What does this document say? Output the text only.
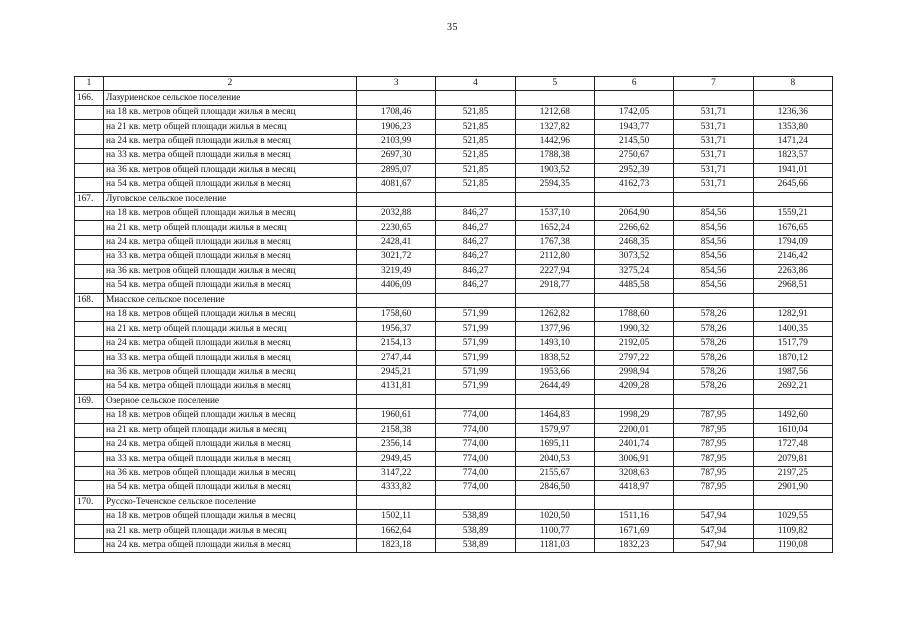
35
1	2	3	4	5	6	7	8
166.	Лазуриенское сельское поселение						
	на 18 кв. метров общей площади жилья в месяц	1708,46	521,85	1212,68	1742,05	531,71	1236,36
	на 21 кв. метр общей площади жилья в месяц	1906,23	521,85	1327,82	1943,77	531,71	1353,80
	на 24 кв. метра общей площади жилья в месяц	2103,99	521,85	1442,96	2145,50	531,71	1471,24
	на 33 кв. метра общей площади жилья в месяц	2697,30	521,85	1788,38	2750,67	531,71	1823,57
	на 36 кв. метров общей площади жилья в месяц	2895,07	521,85	1903,52	2952,39	531,71	1941,01
	на 54 кв. метра общей площади жилья в месяц	4081,67	521,85	2594,35	4162,73	531,71	2645,66
167.	Луговское сельское поселение						
	на 18 кв. метров общей площади жилья в месяц	2032,88	846,27	1537,10	2064,90	854,56	1559,21
	на 21 кв. метр общей площади жилья в месяц	2230,65	846,27	1652,24	2266,62	854,56	1676,65
	на 24 кв. метра общей площади жилья в месяц	2428,41	846,27	1767,38	2468,35	854,56	1794,09
	на 33 кв. метра общей площади жилья в месяц	3021,72	846,27	2112,80	3073,52	854,56	2146,42
	на 36 кв. метров общей площади жилья в месяц	3219,49	846,27	2227,94	3275,24	854,56	2263,86
	на 54 кв. метра общей площади жилья в месяц	4406,09	846,27	2918,77	4485,58	854,56	2968,51
168.	Миасское сельское поселение						
	на 18 кв. метров общей площади жилья в месяц	1758,60	571,99	1262,82	1788,60	578,26	1282,91
	на 21 кв. метр общей площади жилья в месяц	1956,37	571,99	1377,96	1990,32	578,26	1400,35
	на 24 кв. метра общей площади жилья в месяц	2154,13	571,99	1493,10	2192,05	578,26	1517,79
	на 33 кв. метра общей площади жилья в месяц	2747,44	571,99	1838,52	2797,22	578,26	1870,12
	на 36 кв. метров общей площади жилья в месяц	2945,21	571,99	1953,66	2998,94	578,26	1987,56
	на 54 кв. метра общей площади жилья в месяц	4131,81	571,99	2644,49	4209,28	578,26	2692,21
169.	Озерное сельское поселение						
	на 18 кв. метров общей площади жилья в месяц	1960,61	774,00	1464,83	1998,29	787,95	1492,60
	на 21 кв. метр общей площади жилья в месяц	2158,38	774,00	1579,97	2200,01	787,95	1610,04
	на 24 кв. метра общей площади жилья в месяц	2356,14	774,00	1695,11	2401,74	787,95	1727,48
	на 33 кв. метра общей площади жилья в месяц	2949,45	774,00	2040,53	3006,91	787,95	2079,81
	на 36 кв. метров общей площади жилья в месяц	3147,22	774,00	2155,67	3208,63	787,95	2197,25
	на 54 кв. метра общей площади жилья в месяц	4333,82	774,00	2846,50	4418,97	787,95	2901,90
170.	Русско-Теченское сельское поселение						
	на 18 кв. метров общей площади жилья в месяц	1502,11	538,89	1020,50	1511,16	547,94	1029,55
	на 21 кв. метр общей площади жилья в месяц	1662,64	538,89	1100,77	1671,69	547,94	1109,82
	на 24 кв. метра общей площади жилья в месяц	1823,18	538,89	1181,03	1832,23	547,94	1190,08
